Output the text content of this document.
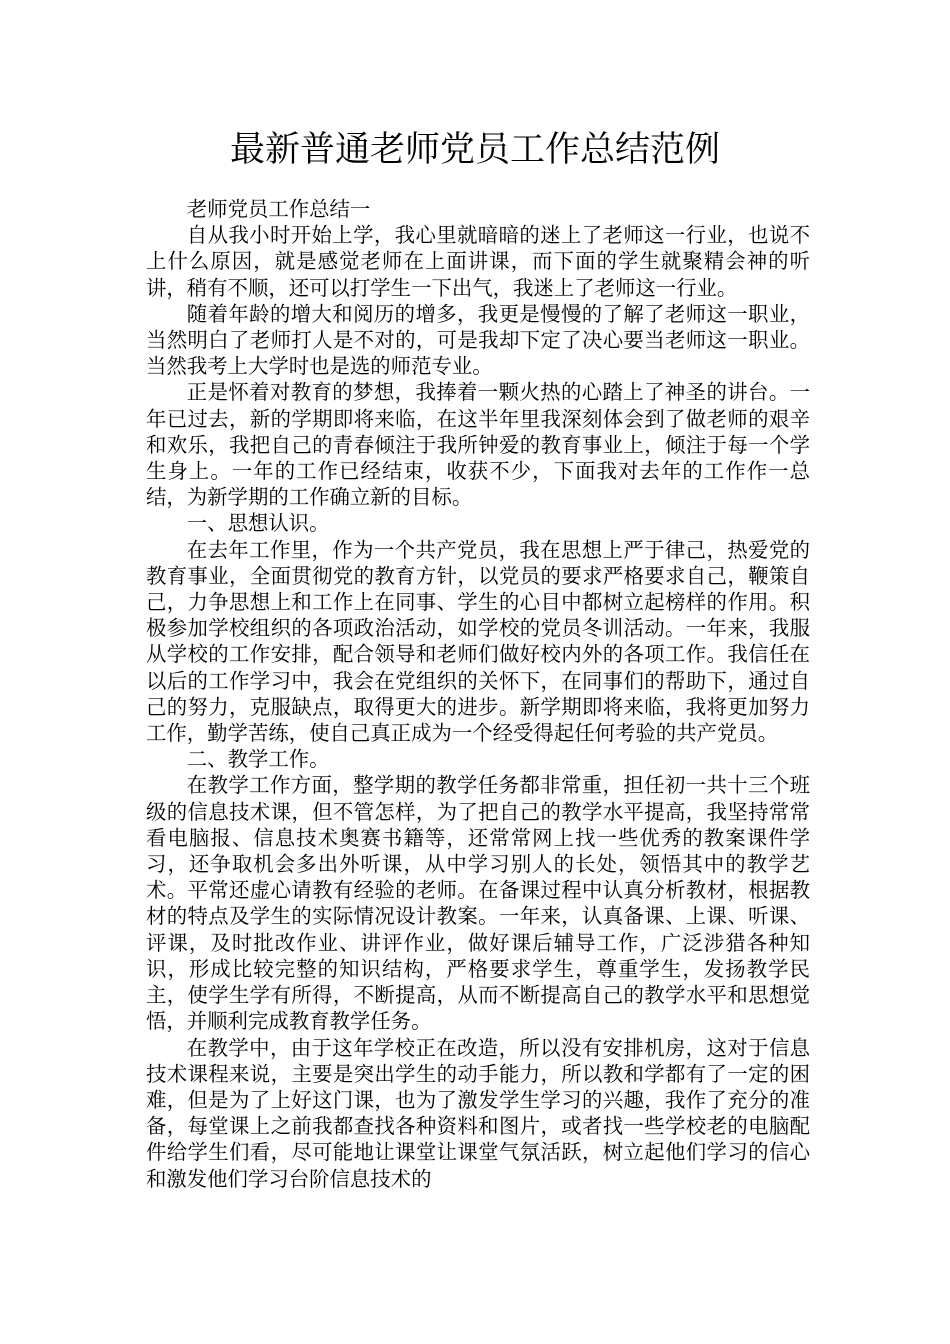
最新普通老师党员工作总结范例

老师党员工作总结一

自从我小时开始上学，我心里就暗暗的迷上了老师这一行业，也说不上什么原因，就是感觉老师在上面讲课，而下面的学生就聚精会神的听讲，稍有不顺，还可以打学生一下出气，我迷上了老师这一行业。

随着年龄的增大和阅历的增多，我更是慢慢的了解了老师这一职业，当然明白了老师打人是不对的，可是我却下定了决心要当老师这一职业。当然我考上大学时也是选的师范专业。

正是怀着对教育的梦想，我捧着一颗火热的心踏上了神圣的讲台。一年已过去，新的学期即将来临，在这半年里我深刻体会到了做老师的艰辛和欢乐，我把自己的青春倾注于我所钟爱的教育事业上，倾注于每一个学生身上。一年的工作已经结束，收获不少，下面我对去年的工作作一总结，为新学期的工作确立新的目标。

一、思想认识。

在去年工作里，作为一个共产党员，我在思想上严于律己，热爱党的教育事业，全面贯彻党的教育方针，以党员的要求严格要求自己，鞭策自己，力争思想上和工作上在同事、学生的心目中都树立起榜样的作用。积极参加学校组织的各项政治活动，如学校的党员冬训活动。一年来，我服从学校的工作安排，配合领导和老师们做好校内外的各项工作。我信任在以后的工作学习中，我会在党组织的关怀下，在同事们的帮助下，通过自己的努力，克服缺点，取得更大的进步。新学期即将来临，我将更加努力工作，勤学苦练，使自己真正成为一个经受得起任何考验的共产党员。

二、教学工作。

在教学工作方面，整学期的教学任务都非常重，担任初一共十三个班级的信息技术课，但不管怎样，为了把自己的教学水平提高，我坚持常常看电脑报、信息技术奥赛书籍等，还常常网上找一些优秀的教案课件学习，还争取机会多出外听课，从中学习别人的长处，领悟其中的教学艺术。平常还虚心请教有经验的老师。在备课过程中认真分析教材，根据教材的特点及学生的实际情况设计教案。一年来，认真备课、上课、听课、评课，及时批改作业、讲评作业，做好课后辅导工作，广泛涉猎各种知识，形成比较完整的知识结构，严格要求学生，尊重学生，发扬教学民主，使学生学有所得，不断提高，从而不断提高自己的教学水平和思想觉悟，并顺利完成教育教学任务。

在教学中，由于这年学校正在改造，所以没有安排机房，这对于信息技术课程来说，主要是突出学生的动手能力，所以教和学都有了一定的困难，但是为了上好这门课，也为了激发学生学习的兴趣，我作了充分的准备，每堂课上之前我都查找各种资料和图片，或者找一些学校老的电脑配件给学生们看，尽可能地让课堂让课堂气氛活跃，树立起他们学习的信心和激发他们学习台阶信息技术的
